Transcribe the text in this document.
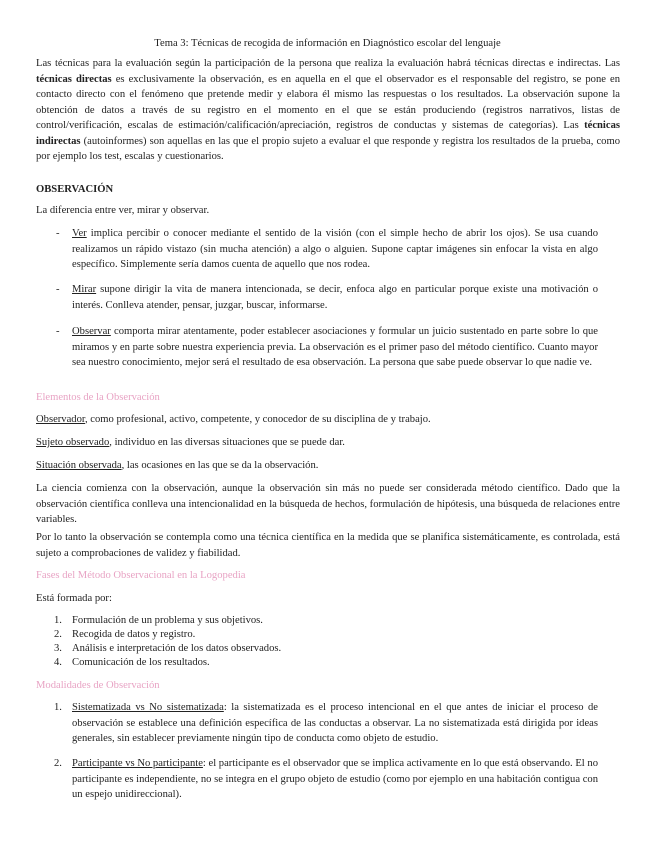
Tema 3: Técnicas de recogida de información en Diagnóstico escolar del lenguaje
Las técnicas para la evaluación según la participación de la persona que realiza la evaluación habrá técnicas directas e indirectas. Las técnicas directas es exclusivamente la observación, es en aquella en el que el observador es el responsable del registro, se pone en contacto directo con el fenómeno que pretende medir y elabora él mismo las respuestas o los resultados. La observación supone la obtención de datos a través de su registro en el momento en el que se están produciendo (registros narrativos, listas de control/verificación, escalas de estimación/calificación/apreciación, registros de conductas y sistemas de categorías). Las técnicas indirectas (autoinformes) son aquellas en las que el propio sujeto a evaluar el que responde y registra los resultados de la prueba, como por ejemplo los test, escalas y cuestionarios.
OBSERVACIÓN
La diferencia entre ver, mirar y observar.
- Ver implica percibir o conocer mediante el sentido de la visión (con el simple hecho de abrir los ojos). Se usa cuando realizamos un rápido vistazo (sin mucha atención) a algo o alguien. Supone captar imágenes sin enfocar la vista en algo específico. Simplemente sería damos cuenta de aquello que nos rodea.
- Mirar supone dirigir la vita de manera intencionada, se decir, enfoca algo en particular porque existe una motivación o interés. Conlleva atender, pensar, juzgar, buscar, informarse.
- Observar comporta mirar atentamente, poder establecer asociaciones y formular un juicio sustentado en parte sobre lo que miramos y en parte sobre nuestra experiencia previa. La observación es el primer paso del método científico. Cuanto mayor sea nuestro conocimiento, mejor será el resultado de esa observación. La persona que sabe puede observar lo que nadie ve.
Elementos de la Observación
Observador, como profesional, activo, competente, y conocedor de su disciplina de y trabajo.
Sujeto observado, individuo en las diversas situaciones que se puede dar.
Situación observada, las ocasiones en las que se da la observación.
La ciencia comienza con la observación, aunque la observación sin más no puede ser considerada método científico. Dado que la observación científica conlleva una intencionalidad en la búsqueda de hechos, formulación de hipótesis, una búsqueda de relaciones entre variables.
Por lo tanto la observación se contempla como una técnica científica en la medida que se planifica sistemáticamente, es controlada, está sujeto a comprobaciones de validez y fiabilidad.
Fases del Método Observacional en la Logopedia
Está formada por:
1. Formulación de un problema y sus objetivos.
2. Recogida de datos y registro.
3. Análisis e interpretación de los datos observados.
4. Comunicación de los resultados.
Modalidades de Observación
1. Sistematizada vs No sistematizada: la sistematizada es el proceso intencional en el que antes de iniciar el proceso de observación se establece una definición específica de las conductas a observar. La no sistematizada está dirigida por ideas generales, sin establecer previamente ningún tipo de conducta como objeto de estudio.
2. Participante vs No participante: el participante es el observador que se implica activamente en lo que está observando. El no participante es independiente, no se integra en el grupo objeto de estudio (como por ejemplo en una habitación contigua con un espejo unidireccional).
